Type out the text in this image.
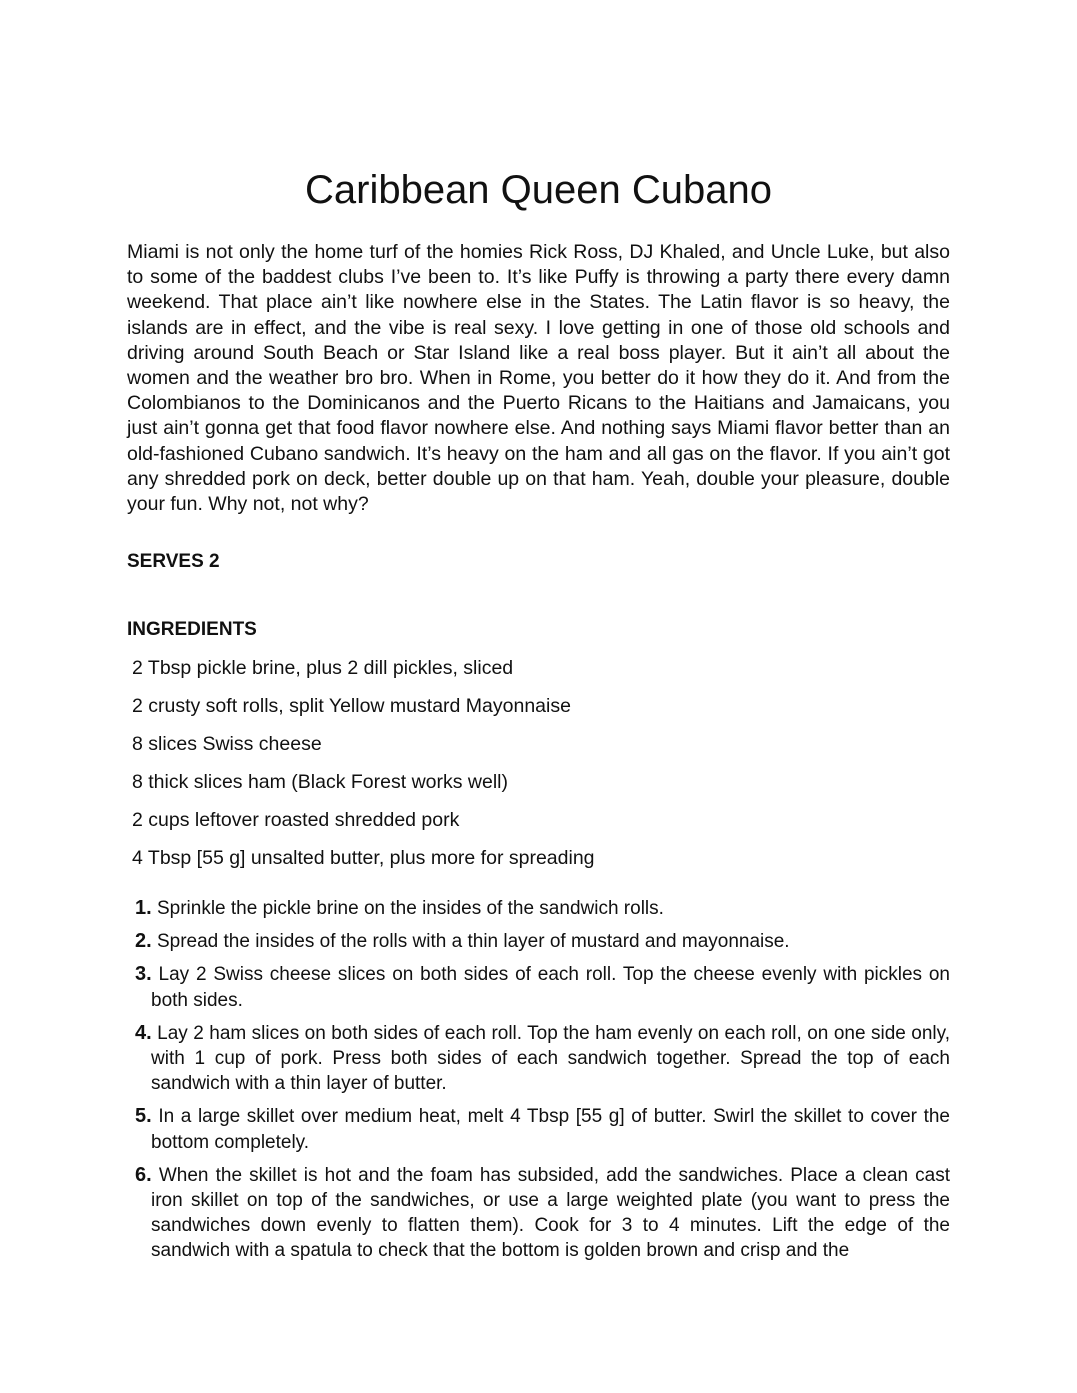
Caribbean Queen Cubano

Miami is not only the home turf of the homies Rick Ross, DJ Khaled, and Uncle Luke, but also to some of the baddest clubs I’ve been to. It’s like Puffy is throwing a party there every damn weekend. That place ain’t like nowhere else in the States. The Latin flavor is so heavy, the islands are in effect, and the vibe is real sexy. I love getting in one of those old schools and driving around South Beach or Star Island like a real boss player. But it ain’t all about the women and the weather bro bro. When in Rome, you better do it how they do it. And from the Colombianos to the Dominicanos and the Puerto Ricans to the Haitians and Jamaicans, you just ain’t gonna get that food flavor nowhere else. And nothing says Miami flavor better than an old-fashioned Cubano sandwich. It’s heavy on the ham and all gas on the flavor. If you ain’t got any shredded pork on deck, better double up on that ham. Yeah, double your pleasure, double your fun. Why not, not why?

SERVES 2

INGREDIENTS

2 Tbsp pickle brine, plus 2 dill pickles, sliced
2 crusty soft rolls, split Yellow mustard Mayonnaise
8 slices Swiss cheese
8 thick slices ham (Black Forest works well)
2 cups leftover roasted shredded pork
4 Tbsp [55 g] unsalted butter, plus more for spreading
1. Sprinkle the pickle brine on the insides of the sandwich rolls.
2. Spread the insides of the rolls with a thin layer of mustard and mayonnaise.
3. Lay 2 Swiss cheese slices on both sides of each roll. Top the cheese evenly with pickles on both sides.
4. Lay 2 ham slices on both sides of each roll. Top the ham evenly on each roll, on one side only, with 1 cup of pork. Press both sides of each sandwich together. Spread the top of each sandwich with a thin layer of butter.
5. In a large skillet over medium heat, melt 4 Tbsp [55 g] of butter. Swirl the skillet to cover the bottom completely.
6. When the skillet is hot and the foam has subsided, add the sandwiches. Place a clean cast iron skillet on top of the sandwiches, or use a large weighted plate (you want to press the sandwiches down evenly to flatten them). Cook for 3 to 4 minutes. Lift the edge of the sandwich with a spatula to check that the bottom is golden brown and crisp and the
